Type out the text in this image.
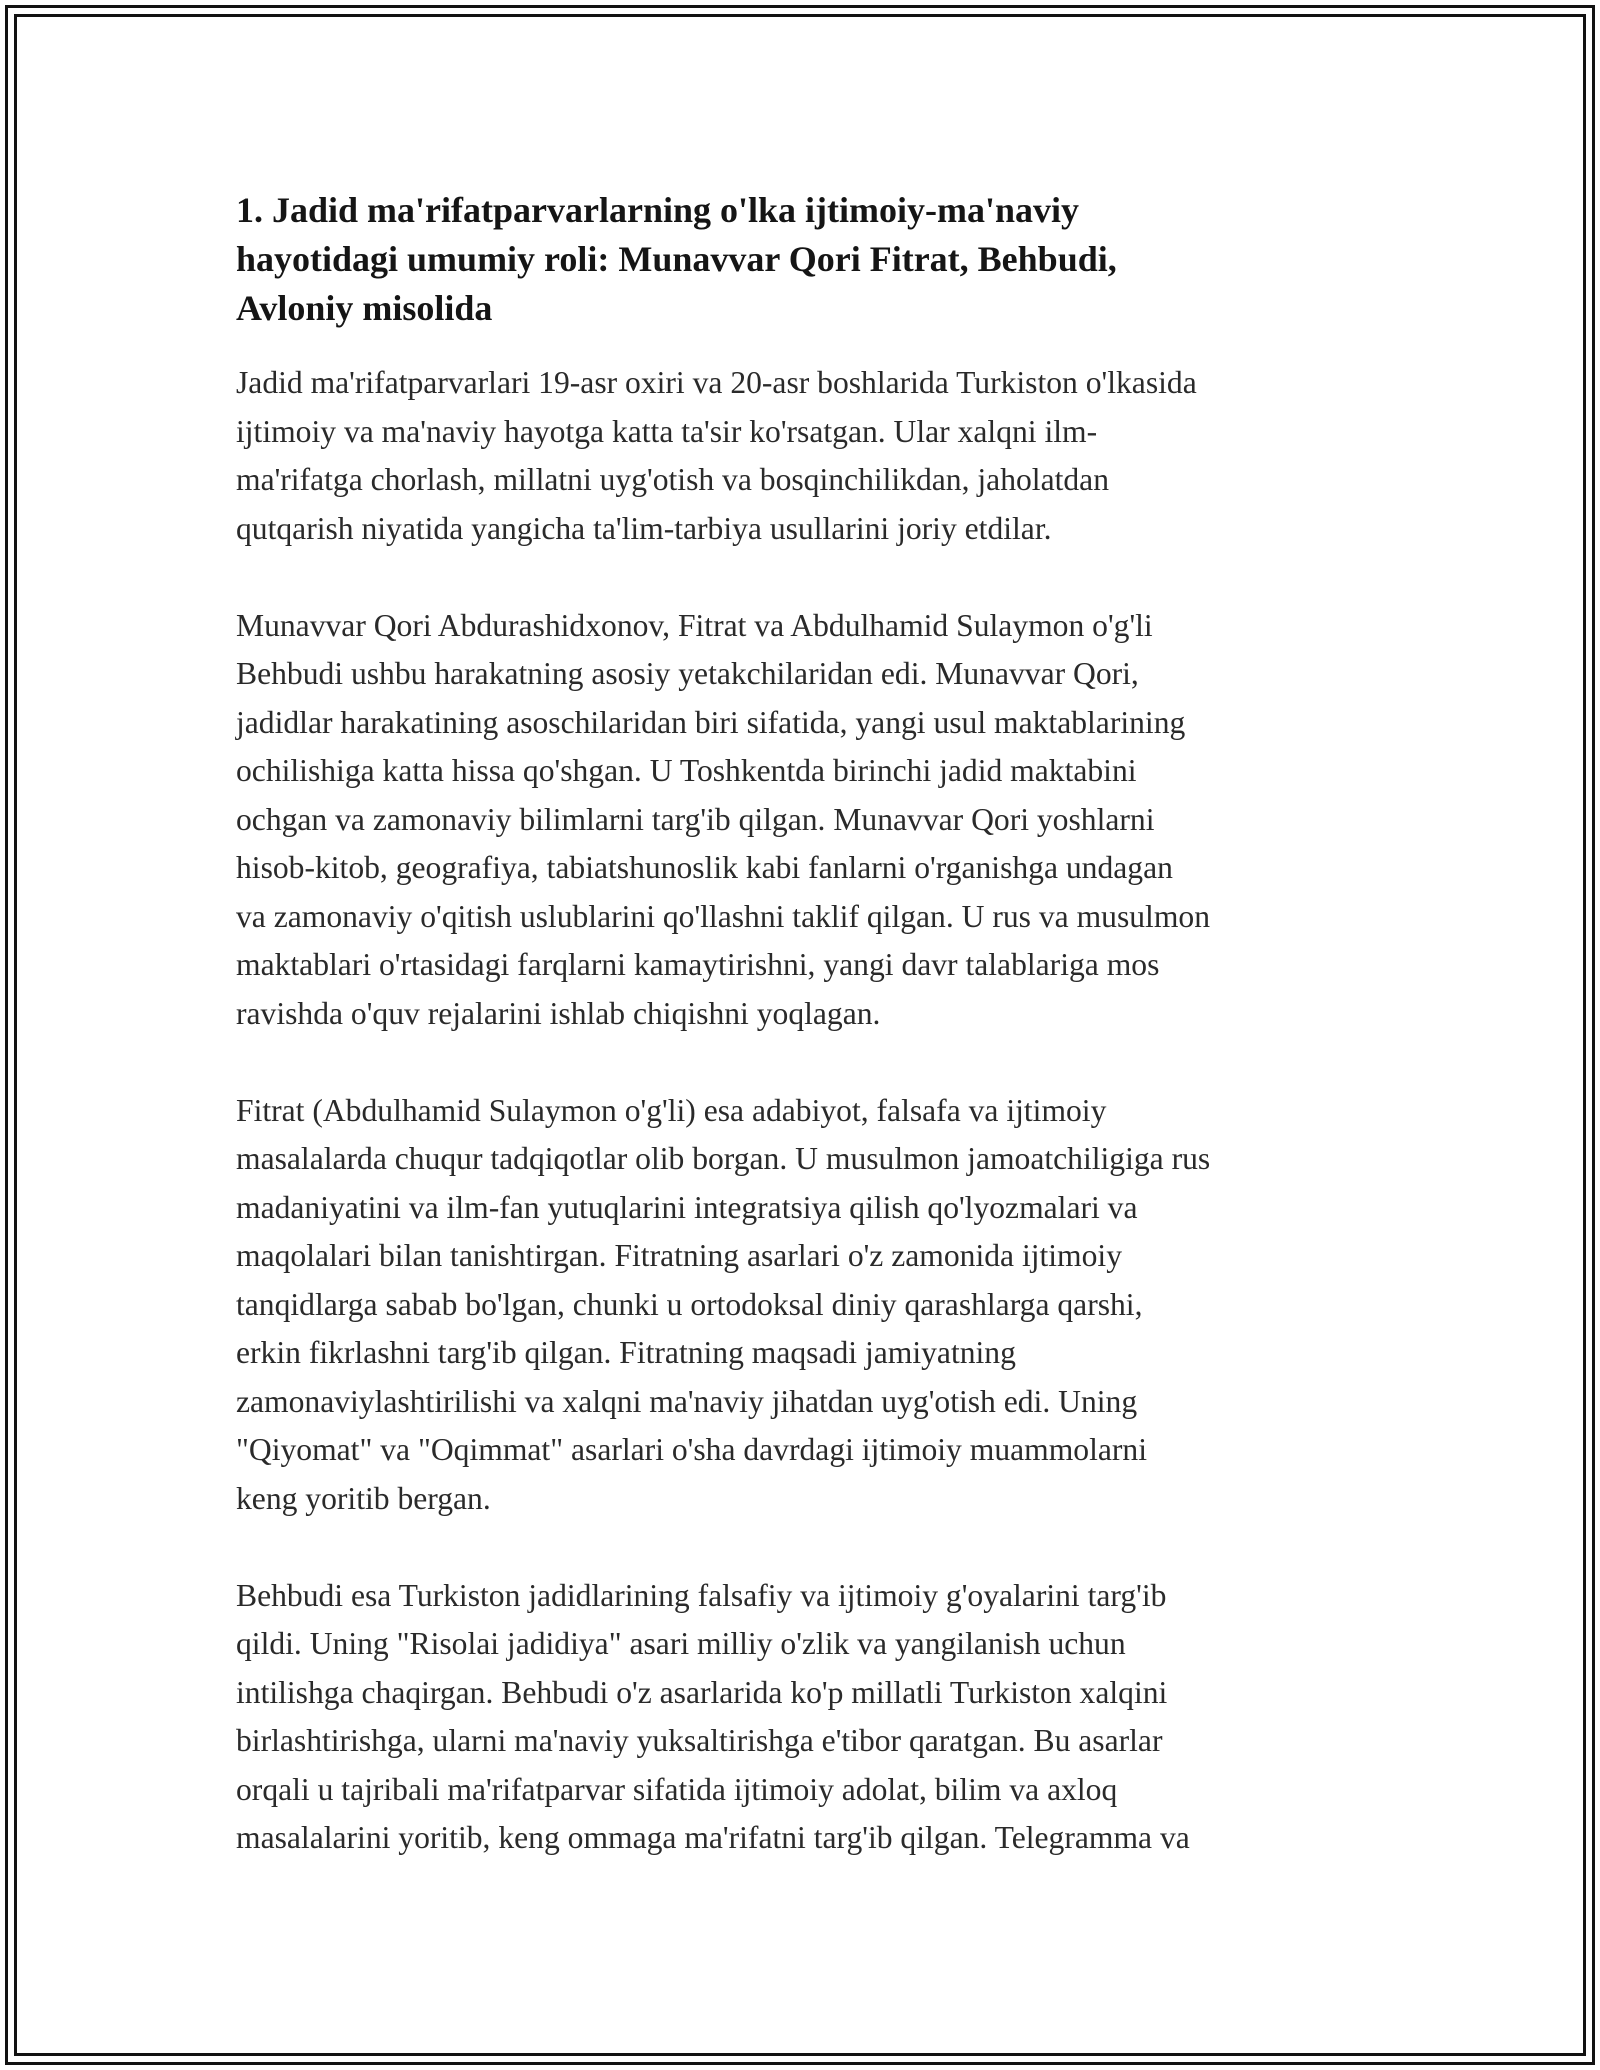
1. Jadid ma'rifatparvarlarning o'lka ijtimoiy-ma'naviy
hayotidagi umumiy roli: Munavvar Qori Fitrat, Behbudi,
Avloniy misolida
Jadid ma'rifatparvarlari 19-asr oxiri va 20-asr boshlarida Turkiston o'lkasida
ijtimoiy va ma'naviy hayotga katta ta'sir ko'rsatgan. Ular xalqni ilm-
ma'rifatga chorlash, millatni uyg'otish va bosqinchilikdan, jaholatdan
qutqarish niyatida yangicha ta'lim-tarbiya usullarini joriy etdilar.
Munavvar Qori Abdurashidxonov, Fitrat va Abdulhamid Sulaymon o'g'li
Behbudi ushbu harakatning asosiy yetakchilaridan edi. Munavvar Qori,
jadidlar harakatining asoschilaridan biri sifatida, yangi usul maktablarining
ochilishiga katta hissa qo'shgan. U Toshkentda birinchi jadid maktabini
ochgan va zamonaviy bilimlarni targ'ib qilgan. Munavvar Qori yoshlarni
hisob-kitob, geografiya, tabiatshunoslik kabi fanlarni o'rganishga undagan
va zamonaviy o'qitish uslublarini qo'llashni taklif qilgan. U rus va musulmon
maktablari o'rtasidagi farqlarni kamaytirishni, yangi davr talablariga mos
ravishda o'quv rejalarini ishlab chiqishni yoqlagan.
Fitrat (Abdulhamid Sulaymon o'g'li) esa adabiyot, falsafa va ijtimoiy
masalalarda chuqur tadqiqotlar olib borgan. U musulmon jamoatchiligiga rus
madaniyatini va ilm-fan yutuqlarini integratsiya qilish qo'lyozmalari va
maqolalari bilan tanishtirgan. Fitratning asarlari o'z zamonida ijtimoiy
tanqidlarga sabab bo'lgan, chunki u ortodoksal diniy qarashlarga qarshi,
erkin fikrlashni targ'ib qilgan. Fitratning maqsadi jamiyatning
zamonaviylashtirilishi va xalqni ma'naviy jihatdan uyg'otish edi. Uning
"Qiyomat" va "Oqimmat" asarlari o'sha davrdagi ijtimoiy muammolarni
keng yoritib bergan.
Behbudi esa Turkiston jadidlarining falsafiy va ijtimoiy g'oyalarini targ'ib
qildi. Uning "Risolai jadidiya" asari milliy o'zlik va yangilanish uchun
intilishga chaqirgan. Behbudi o'z asarlarida ko'p millatli Turkiston xalqini
birlashtirishga, ularni ma'naviy yuksaltirishga e'tibor qaratgan. Bu asarlar
orqali u tajribali ma'rifatparvar sifatida ijtimoiy adolat, bilim va axloq
masalalarini yoritib, keng ommaga ma'rifatni targ'ib qilgan. Telegramma va
